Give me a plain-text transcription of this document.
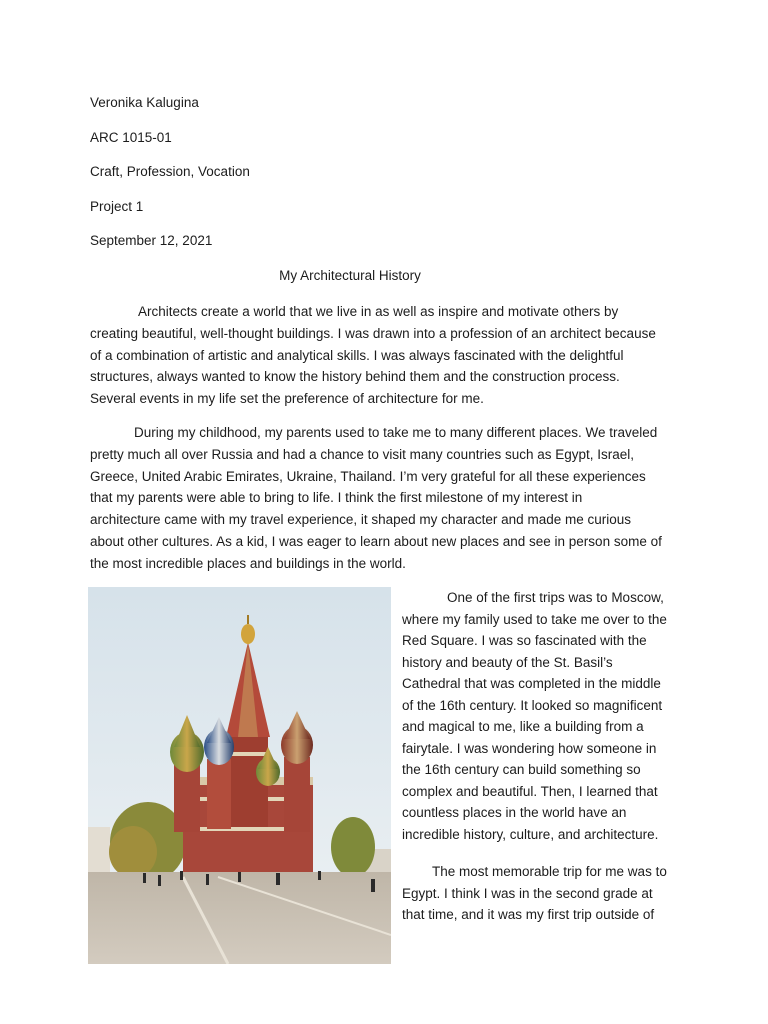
Veronika Kalugina
ARC 1015-01
Craft, Profession, Vocation
Project 1
September 12, 2021
My Architectural History
Architects create a world that we live in as well as inspire and motivate others by
creating beautiful, well-thought buildings. I was drawn into a profession of an architect because
of a combination of artistic and analytical skills. I was always fascinated with the delightful
structures, always wanted to know the history behind them and the construction process.
Several events in my life set the preference of architecture for me.
During my childhood, my parents used to take me to many different places. We traveled
pretty much all over Russia and had a chance to visit many countries such as Egypt, Israel,
Greece, United Arabic Emirates, Ukraine, Thailand. I’m very grateful for all these experiences
that my parents were able to bring to life. I think the first milestone of my interest in
architecture came with my travel experience, it shaped my character and made me curious
about other cultures. As a kid, I was eager to learn about new places and see in person some of
the most incredible places and buildings in the world.
One of the first trips was to Moscow,
where my family used to take me over to the
Red Square. I was so fascinated with the
history and beauty of the St. Basil’s
Cathedral that was completed in the middle
of the 16th century. It looked so magnificent
and magical to me, like a building from a
fairytale. I was wondering how someone in
the 16th century can build something so
complex and beautiful. Then, I learned that
countless places in the world have an
incredible history, culture, and architecture.
The most memorable trip for me was to
Egypt. I think I was in the second grade at
that time, and it was my first trip outside of
